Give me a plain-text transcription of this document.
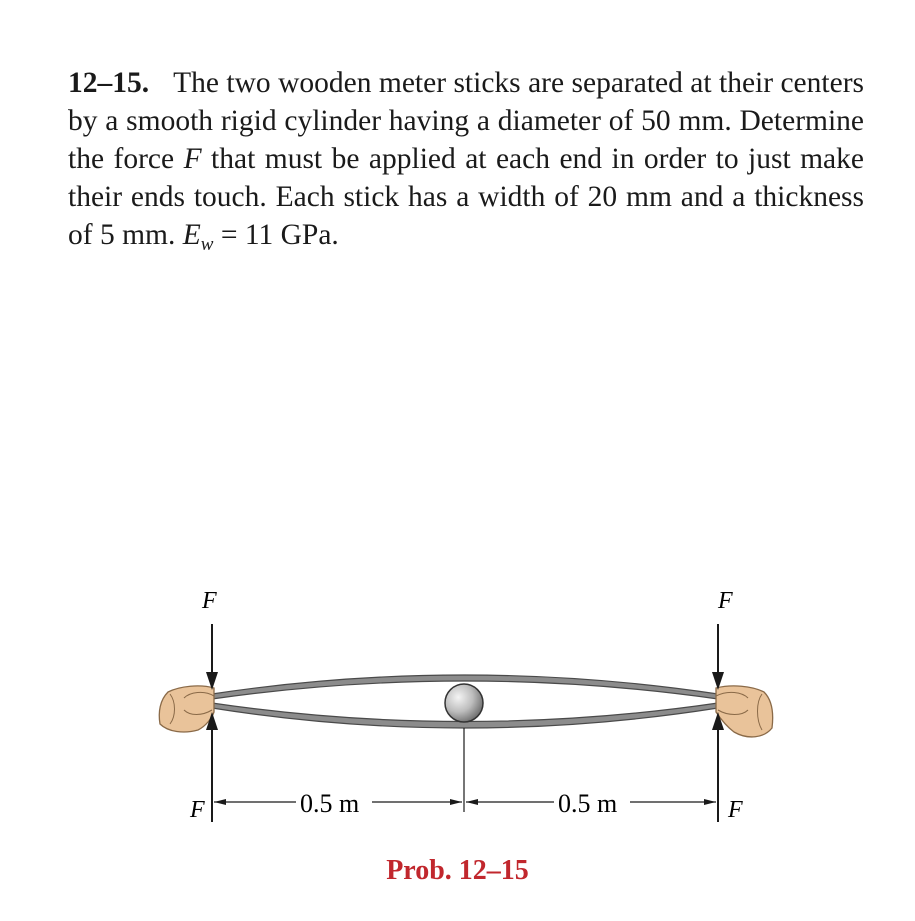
12–15. The two wooden meter sticks are separated at their centers by a smooth rigid cylinder having a diameter of 50 mm. Determine the force F that must be applied at each end in order to just make their ends touch. Each stick has a width of 20 mm and a thickness of 5 mm. $E_w = 11$ GPa.
F	F
F	F
0.5 m	0.5 m
Prob. 12–15
